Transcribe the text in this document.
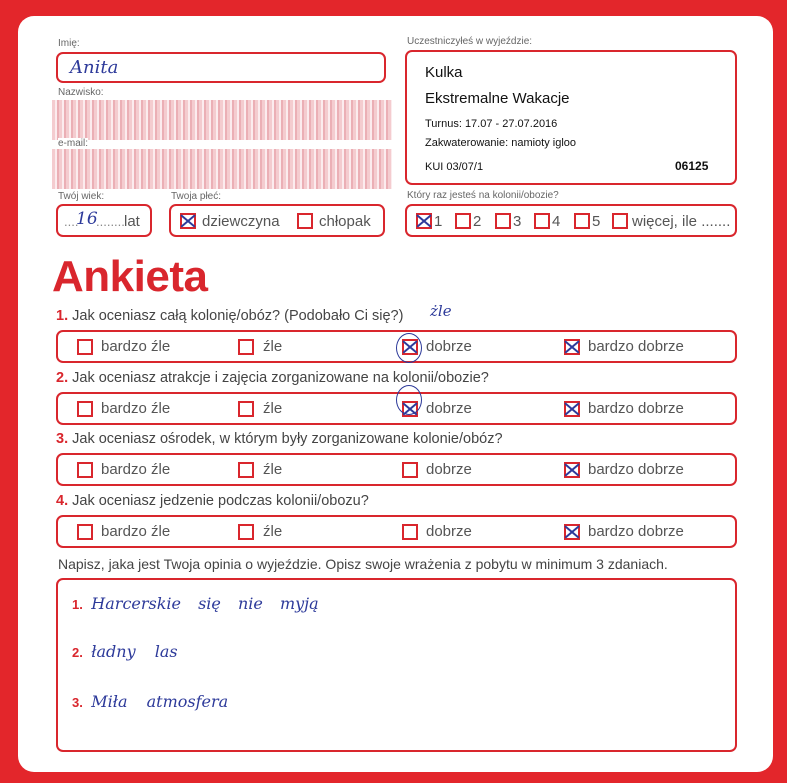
Imię:
Anita
Nazwisko:
e-mail:
Twój wiek:
....
16
........ lat
Twoja płeć:
dziewczyna	chłopak
Uczestniczyłeś w wyjeździe:
Kulka
Ekstremalne Wakacje
Turnus: 17.07 - 27.07.2016
Zakwaterowanie: namioty igloo
KUI 03/07/1	06125
Który raz jesteś na kolonii/obozie?
1 2 3 4 5 więcej, ile .......
Ankieta
1. Jak oceniasz całą kolonię/obóz? (Podobało Ci się?) żle
bardzo źle	źle	dobrze	bardzo dobrze
2. Jak oceniasz atrakcje i zajęcia zorganizowane na kolonii/obozie?
bardzo źle	źle	dobrze	bardzo dobrze
3. Jak oceniasz ośrodek, w którym były zorganizowane kolonie/obóz?
bardzo źle	źle	dobrze	bardzo dobrze
4. Jak oceniasz jedzenie podczas kolonii/obozu?
bardzo źle	źle	dobrze	bardzo dobrze
Napisz, jaka jest Twoja opinia o wyjeździe. Opisz swoje wrażenia z pobytu w minimum 3 zdaniach.
1. Harcerskie się nie myją
2. ładny las
3. Miła atmosfera
